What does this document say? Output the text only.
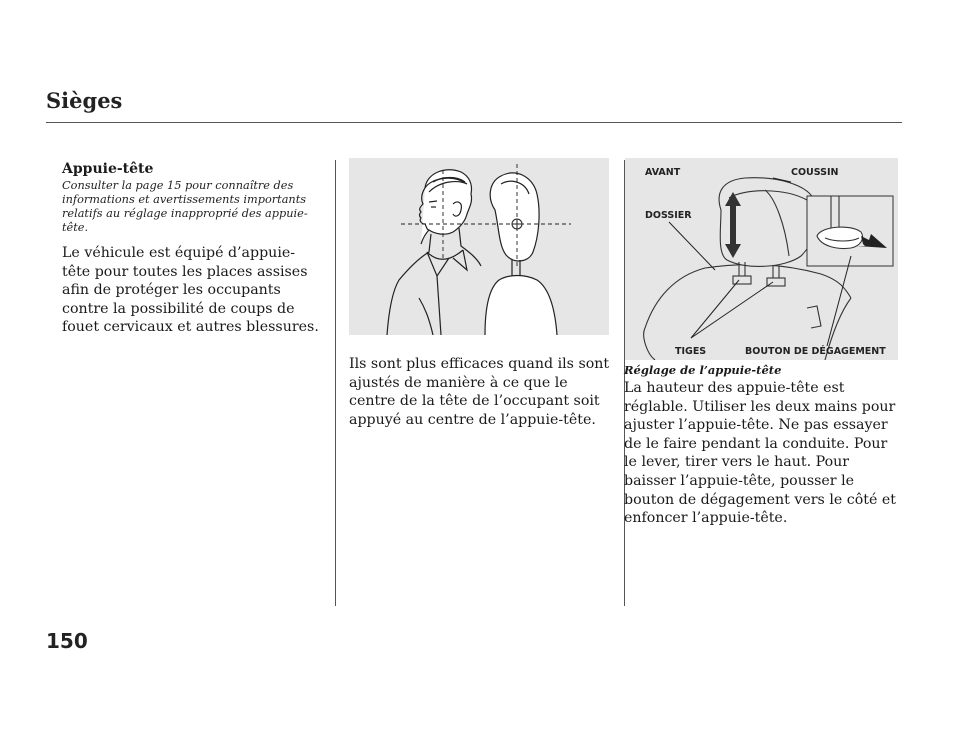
Sièges

Appuie-tête

Consulter la page 15 pour connaître des informations et avertissements importants relatifs au réglage inapproprié des appuie-tête.

Le véhicule est équipé d’appuie-tête pour toutes les places assises afin de protéger les occupants contre la possibilité de coups de fouet cervicaux et autres blessures.

Ils sont plus efficaces quand ils sont ajustés de manière à ce que le centre de la tête de l’occupant soit appuyé au centre de l’appuie-tête.

AVANT	COUSSIN
DOSSIER
TIGES	BOUTON DE DÉGAGEMENT
Réglage de l’appuie-tête

La hauteur des appuie-tête est réglable. Utiliser les deux mains pour ajuster l’appuie-tête. Ne pas essayer de le faire pendant la conduite. Pour le lever, tirer vers le haut. Pour baisser l’appuie-tête, pousser le bouton de dégagement vers le côté et enfoncer l’appuie-tête.

150
